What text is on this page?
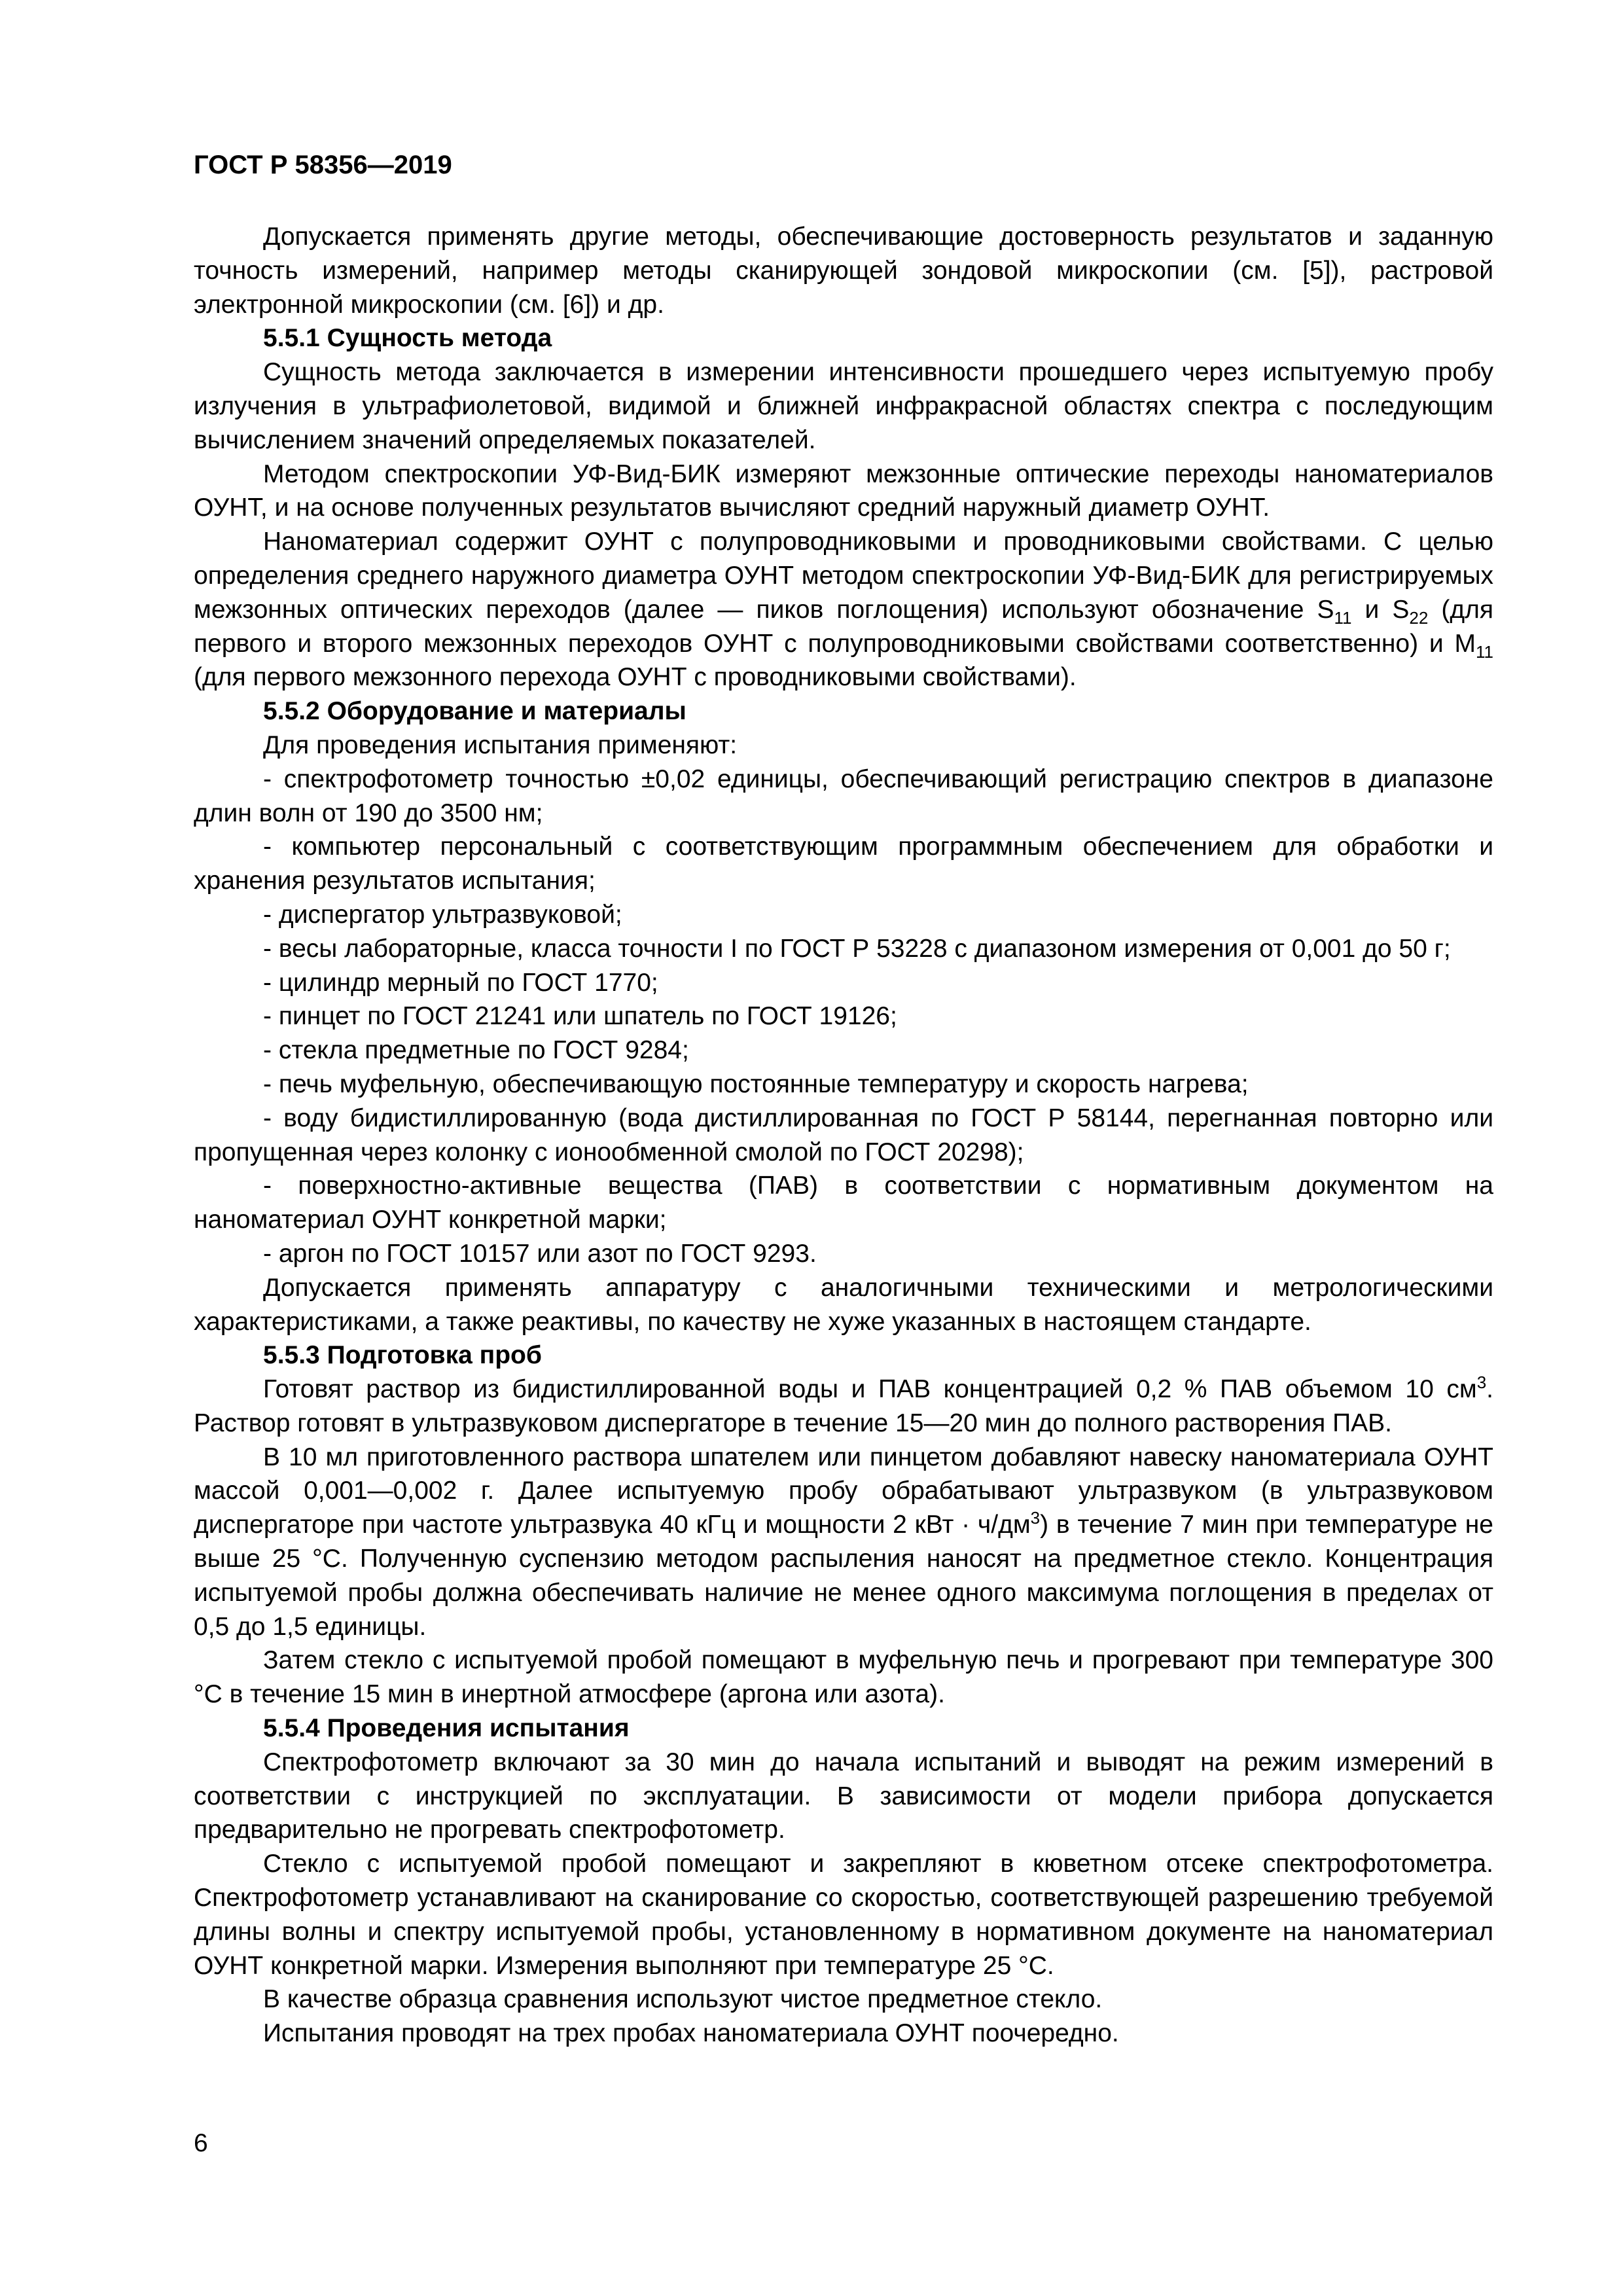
ГОСТ Р 58356—2019

Допускается применять другие методы, обеспечивающие достоверность результатов и заданную точность измерений, например методы сканирующей зондовой микроскопии (см. [5]), растровой электронной микроскопии (см. [6]) и др.

5.5.1 Сущность метода

Сущность метода заключается в измерении интенсивности прошедшего через испытуемую пробу излучения в ультрафиолетовой, видимой и ближней инфракрасной областях спектра с последующим вычислением значений определяемых показателей.

Методом спектроскопии УФ-Вид-БИК измеряют межзонные оптические переходы наноматериалов ОУНТ, и на основе полученных результатов вычисляют средний наружный диаметр ОУНТ.

Наноматериал содержит ОУНТ с полупроводниковыми и проводниковыми свойствами. С целью определения среднего наружного диаметра ОУНТ методом спектроскопии УФ-Вид-БИК для регистрируемых межзонных оптических переходов (далее — пиков поглощения) используют обозначение $S_{11}$ и $S_{22}$ (для первого и второго межзонных переходов ОУНТ с полупроводниковыми свойствами соответственно) и $M_{11}$ (для первого межзонного перехода ОУНТ с проводниковыми свойствами).

5.5.2 Оборудование и материалы

Для проведения испытания применяют:

- спектрофотометр точностью ±0,02 единицы, обеспечивающий регистрацию спектров в диапазоне длин волн от 190 до 3500 нм;

- компьютер персональный с соответствующим программным обеспечением для обработки и хранения результатов испытания;

- диспергатор ультразвуковой;

- весы лабораторные, класса точности I по ГОСТ Р 53228 с диапазоном измерения от 0,001 до 50 г;

- цилиндр мерный по ГОСТ 1770;

- пинцет по ГОСТ 21241 или шпатель по ГОСТ 19126;

- стекла предметные по ГОСТ 9284;

- печь муфельную, обеспечивающую постоянные температуру и скорость нагрева;

- воду бидистиллированную (вода дистиллированная по ГОСТ Р 58144, перегнанная повторно или пропущенная через колонку с ионообменной смолой по ГОСТ 20298);

- поверхностно-активные вещества (ПАВ) в соответствии с нормативным документом на наноматериал ОУНТ конкретной марки;

- аргон по ГОСТ 10157 или азот по ГОСТ 9293.

Допускается применять аппаратуру с аналогичными техническими и метрологическими характеристиками, а также реактивы, по качеству не хуже указанных в настоящем стандарте.

5.5.3 Подготовка проб

Готовят раствор из бидистиллированной воды и ПАВ концентрацией 0,2 % ПАВ объемом 10 $см^3$. Раствор готовят в ультразвуковом диспергаторе в течение 15—20 мин до полного растворения ПАВ.

В 10 мл приготовленного раствора шпателем или пинцетом добавляют навеску наноматериала ОУНТ массой 0,001—0,002 г. Далее испытуемую пробу обрабатывают ультразвуком (в ультразвуковом диспергаторе при частоте ультразвука 40 кГц и мощности 2 кВт · $ч/дм^3$) в течение 7 мин при температуре не выше 25 °С. Полученную суспензию методом распыления наносят на предметное стекло. Концентрация испытуемой пробы должна обеспечивать наличие не менее одного максимума поглощения в пределах от 0,5 до 1,5 единицы.

Затем стекло с испытуемой пробой помещают в муфельную печь и прогревают при температуре 300 °С в течение 15 мин в инертной атмосфере (аргона или азота).

5.5.4 Проведения испытания

Спектрофотометр включают за 30 мин до начала испытаний и выводят на режим измерений в соответствии с инструкцией по эксплуатации. В зависимости от модели прибора допускается предварительно не прогревать спектрофотометр.

Стекло с испытуемой пробой помещают и закрепляют в кюветном отсеке спектрофотометра. Спектрофотометр устанавливают на сканирование со скоростью, соответствующей разрешению требуемой длины волны и спектру испытуемой пробы, установленному в нормативном документе на наноматериал ОУНТ конкретной марки. Измерения выполняют при температуре 25 °С.

В качестве образца сравнения используют чистое предметное стекло.

Испытания проводят на трех пробах наноматериала ОУНТ поочередно.

6
